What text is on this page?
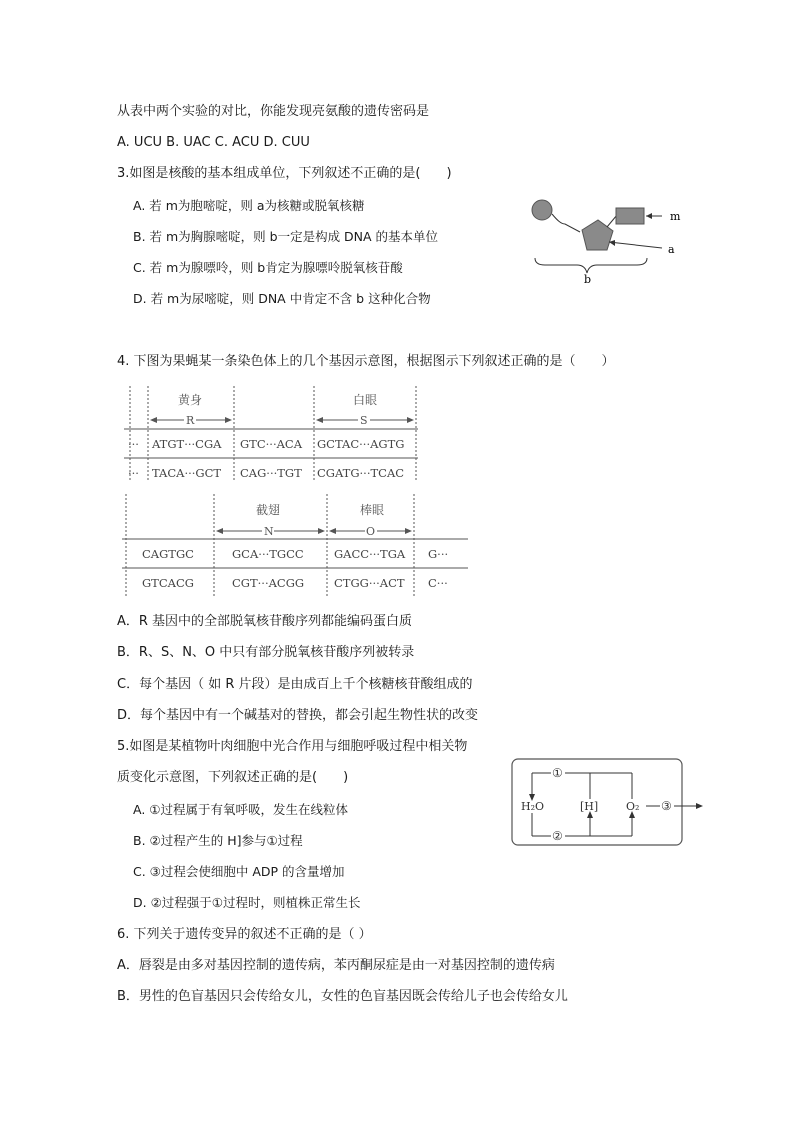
从表中两个实验的对比，你能发现亮氨酸的遗传密码是
A. UCU B. UAC C. ACU D. CUU
3.如图是核酸的基本组成单位，下列叙述不正确的是(　　)
A. 若 m为胞嘧啶，则 a为核糖或脱氧核糖
B. 若 m为胸腺嘧啶，则 b一定是构成 DNA 的基本单位
C. 若 m为腺嘌呤，则 b肯定为腺嘌呤脱氧核苷酸
D. 若 m为尿嘧啶，则 DNA 中肯定不含 b 这种化合物
m
a
b
4. 下图为果蝇某一条染色体上的几个基因示意图，根据图示下列叙述正确的是（　　）
黄身
R
白眼
S
··· ATGT···CGA GTC···ACA GCTAC···AGTG
··· TACA···GCT CAG···TGT CGATG···TCAC
截翅
N
棒眼
O
CAGTGC	GCA···TGCC	GACC···TGA G···
GTCACG	CGT···ACGG	CTGG···ACT C···
A．R 基因中的全部脱氧核苷酸序列都能编码蛋白质
B．R、S、N、O 中只有部分脱氧核苷酸序列被转录
C．每个基因（ 如 R 片段）是由成百上千个核糖核苷酸组成的
D．每个基因中有一个碱基对的替换，都会引起生物性状的改变
5.如图是某植物叶肉细胞中光合作用与细胞呼吸过程中相关物
质变化示意图，下列叙述正确的是(　　)
A. ①过程属于有氧呼吸，发生在线粒体
B. ②过程产生的 H]参与①过程
C. ③过程会使细胞中 ADP 的含量增加
D. ②过程强于①过程时，则植株正常生长
①
②
③
H₂O	[H]	O₂
6. 下列关于遗传变异的叙述不正确的是（ ）
A．唇裂是由多对基因控制的遗传病，苯丙酮尿症是由一对基因控制的遗传病
B．男性的色盲基因只会传给女儿，女性的色盲基因既会传给儿子也会传给女儿
